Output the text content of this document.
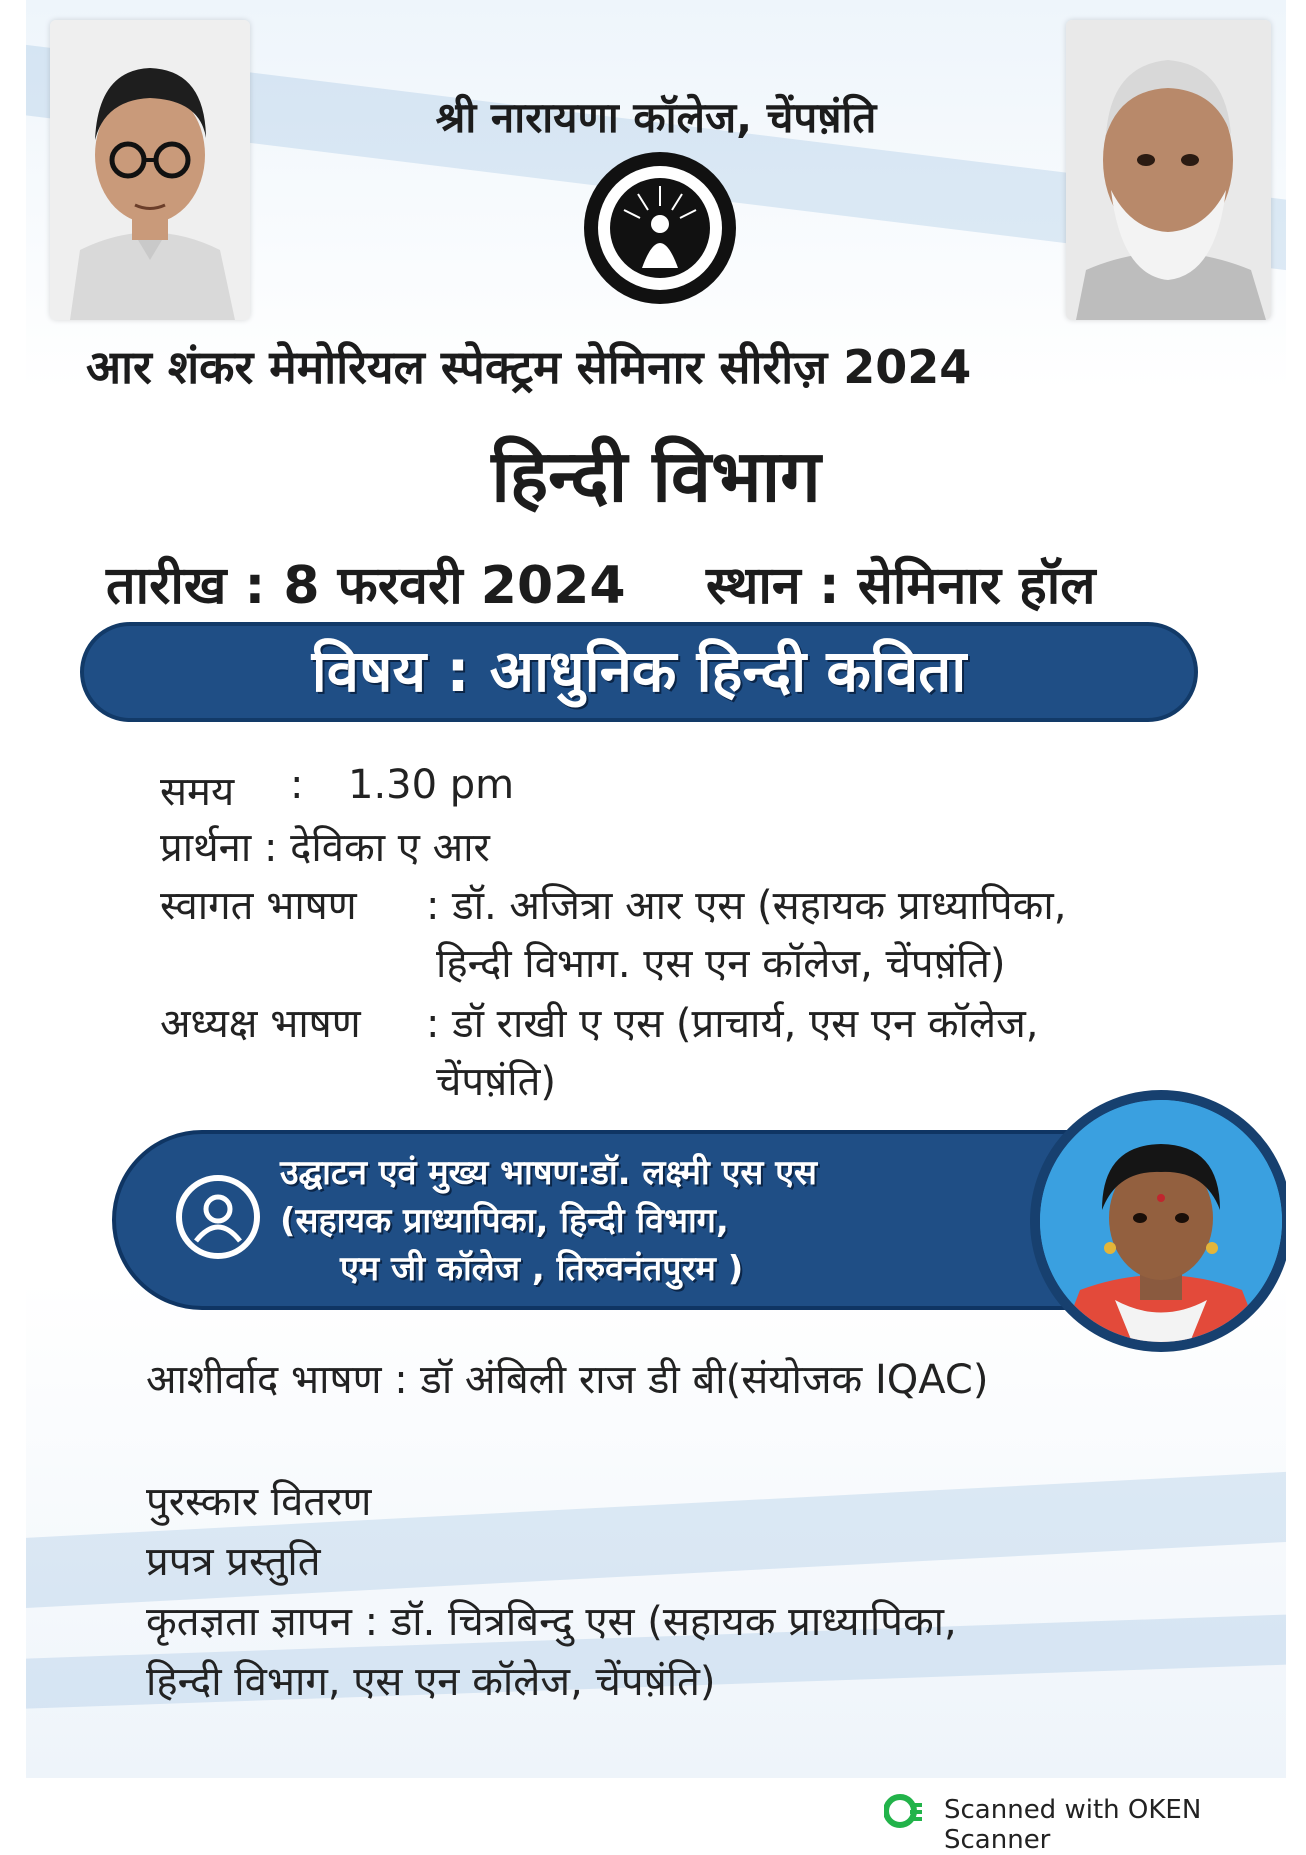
श्री नारायणा कॉलेज, चेंपष़ंति
आर शंकर मेमोरियल स्पेक्ट्रम सेमिनार सीरीज़ 2024
हिन्दी विभाग
तारीख : 8 फरवरी 2024 स्थान : सेमिनार हॉल
विषय : आधुनिक हिन्दी कविता
समय : 1.30 pm
प्रार्थना : देविका ए आर
स्वागत भाषण : डॉ. अजित्रा आर एस (सहायक प्राध्यापिका,
हिन्दी विभाग. एस एन कॉलेज, चेंपष़ंति)
अध्यक्ष भाषण : डॉ राखी ए एस (प्राचार्य, एस एन कॉलेज,
चेंपष़ंति)
उद्घाटन एवं मुख्य भाषण:डॉ. लक्ष्मी एस एस
(सहायक प्राध्यापिका, हिन्दी विभाग,
एम जी कॉलेज , तिरुवनंतपुरम )
आशीर्वाद भाषण : डॉ अंबिली राज डी बी(संयोजक IQAC)
पुरस्कार वितरण
प्रपत्र प्रस्तुति
कृतज्ञता ज्ञापन : डॉ. चित्रबिन्दु एस (सहायक प्राध्यापिका,
हिन्दी विभाग, एस एन कॉलेज, चेंपष़ंति)
Scanned with OKEN Scanner
